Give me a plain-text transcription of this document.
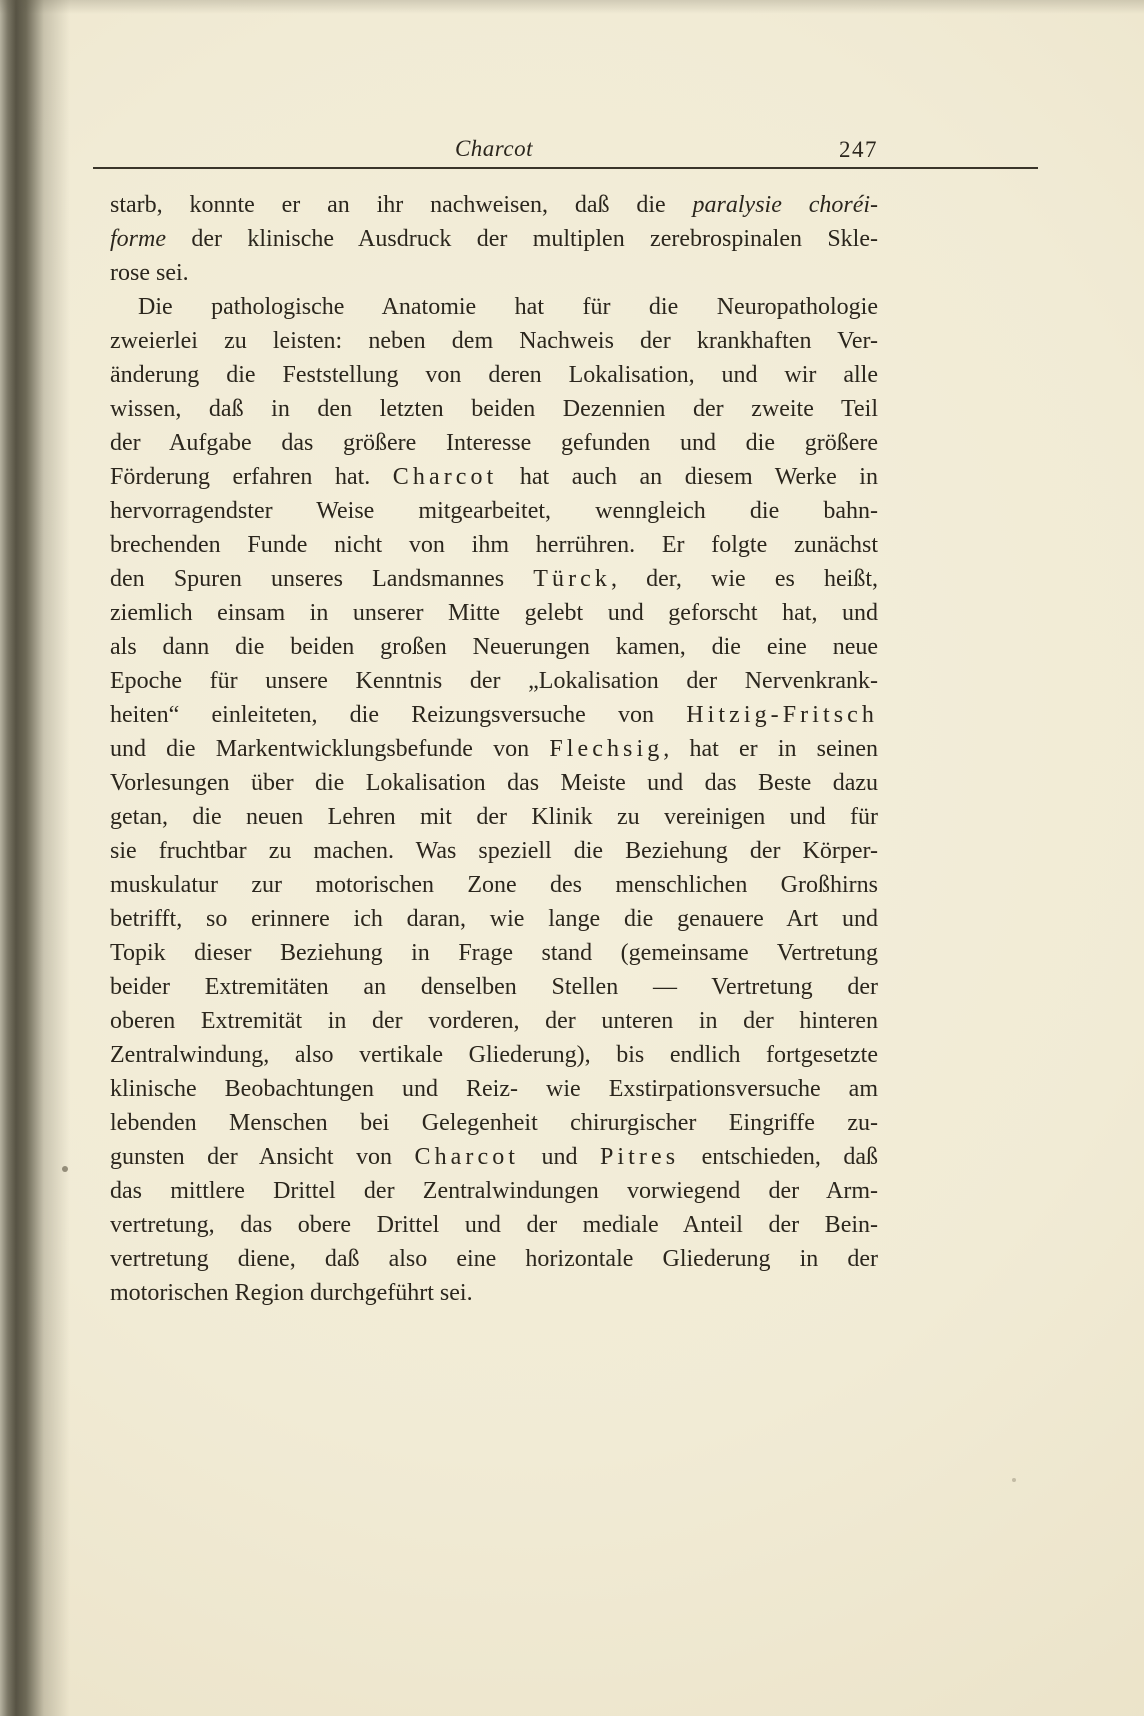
Charcot	247
starb, konnte er an ihr nachweisen, daß die paralysie choréi-
forme der klinische Ausdruck der multiplen zerebrospinalen Skle-
rose sei.
Die pathologische Anatomie hat für die Neuropathologie
zweierlei zu leisten: neben dem Nachweis der krankhaften Ver-
änderung die Feststellung von deren Lokalisation, und wir alle
wissen, daß in den letzten beiden Dezennien der zweite Teil
der Aufgabe das größere Interesse gefunden und die größere
Förderung erfahren hat. Charcot hat auch an diesem Werke in
hervorragendster Weise mitgearbeitet, wenngleich die bahn-
brechenden Funde nicht von ihm herrühren. Er folgte zunächst
den Spuren unseres Landsmannes Türck, der, wie es heißt,
ziemlich einsam in unserer Mitte gelebt und geforscht hat, und
als dann die beiden großen Neuerungen kamen, die eine neue
Epoche für unsere Kenntnis der „Lokalisation der Nervenkrank-
heiten“ einleiteten, die Reizungsversuche von Hitzig-Fritsch
und die Markentwicklungsbefunde von Flechsig, hat er in seinen
Vorlesungen über die Lokalisation das Meiste und das Beste dazu
getan, die neuen Lehren mit der Klinik zu vereinigen und für
sie fruchtbar zu machen. Was speziell die Beziehung der Körper-
muskulatur zur motorischen Zone des menschlichen Großhirns
betrifft, so erinnere ich daran, wie lange die genauere Art und
Topik dieser Beziehung in Frage stand (gemeinsame Vertretung
beider Extremitäten an denselben Stellen — Vertretung der
oberen Extremität in der vorderen, der unteren in der hinteren
Zentralwindung, also vertikale Gliederung), bis endlich fortgesetzte
klinische Beobachtungen und Reiz- wie Exstirpationsversuche am
lebenden Menschen bei Gelegenheit chirurgischer Eingriffe zu-
gunsten der Ansicht von Charcot und Pitres entschieden, daß
das mittlere Drittel der Zentralwindungen vorwiegend der Arm-
vertretung, das obere Drittel und der mediale Anteil der Bein-
vertretung diene, daß also eine horizontale Gliederung in der
motorischen Region durchgeführt sei.
